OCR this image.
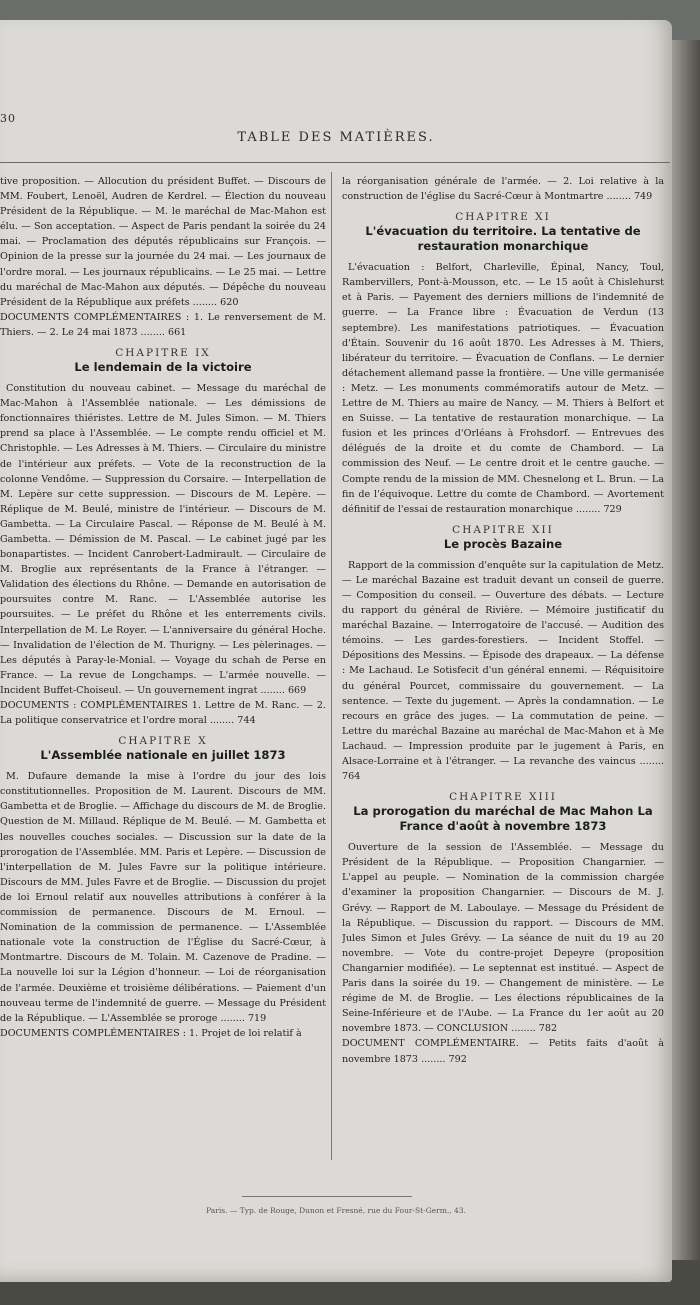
30
TABLE DES MATIÈRES.

tive proposition. — Allocution du président Buffet. — Discours de MM. Foubert, Lenoël, Audren de Kerdrel. — Élection du nouveau Président de la République. — M. le maréchal de Mac-Mahon est élu. — Son acceptation. — Aspect de Paris pendant la soirée du 24 mai. — Proclamation des députés républicains sur François. — Opinion de la presse sur la journée du 24 mai. — Les journaux de l'ordre moral. — Les journaux républicains. — Le 25 mai. — Lettre du maréchal de Mac-Mahon aux députés. — Dépêche du nouveau Président de la République aux préfets ........ 620

DOCUMENTS COMPLÉMENTAIRES : 1. Le renversement de M. Thiers. — 2. Le 24 mai 1873 ........ 661

CHAPITRE IX
Le lendemain de la victoire

Constitution du nouveau cabinet. — Message du maréchal de Mac-Mahon à l'Assemblée nationale. — Les démissions de fonctionnaires thiéristes. Lettre de M. Jules Simon. — M. Thiers prend sa place à l'Assemblée. — Le compte rendu officiel et M. Christophle. — Les Adresses à M. Thiers. — Circulaire du ministre de l'intérieur aux préfets. — Vote de la reconstruction de la colonne Vendôme. — Suppression du Corsaire. — Interpellation de M. Lepère sur cette suppression. — Discours de M. Lepère. — Réplique de M. Beulé, ministre de l'intérieur. — Discours de M. Gambetta. — La Circulaire Pascal. — Réponse de M. Beulé à M. Gambetta. — Démission de M. Pascal. — Le cabinet jugé par les bonapartistes. — Incident Canrobert-Ladmirault. — Circulaire de M. Broglie aux représentants de la France à l'étranger. — Validation des élections du Rhône. — Demande en autorisation de poursuites contre M. Ranc. — L'Assemblée autorise les poursuites. — Le préfet du Rhône et les enterrements civils. Interpellation de M. Le Royer. — L'anniversaire du général Hoche. — Invalidation de l'élection de M. Thurigny. — Les pèlerinages. — Les députés à Paray-le-Monial. — Voyage du schah de Perse en France. — La revue de Longchamps. — L'armée nouvelle. — Incident Buffet-Choiseul. — Un gouvernement ingrat ........ 669

DOCUMENTS : COMPLÉMENTAIRES 1. Lettre de M. Ranc. — 2. La politique conservatrice et l'ordre moral ........ 744

CHAPITRE X
L'Assemblée nationale en juillet 1873

M. Dufaure demande la mise à l'ordre du jour des lois constitutionnelles. Proposition de M. Laurent. Discours de MM. Gambetta et de Broglie. — Affichage du discours de M. de Broglie. Question de M. Millaud. Réplique de M. Beulé. — M. Gambetta et les nouvelles couches sociales. — Discussion sur la date de la prorogation de l'Assemblée. MM. Paris et Lepère. — Discussion de l'interpellation de M. Jules Favre sur la politique intérieure. Discours de MM. Jules Favre et de Broglie. — Discussion du projet de loi Ernoul relatif aux nouvelles attributions à conférer à la commission de permanence. Discours de M. Ernoul. — Nomination de la commission de permanence. — L'Assemblée nationale vote la construction de l'Église du Sacré-Cœur, à Montmartre. Discours de M. Tolain. M. Cazenove de Pradine. — La nouvelle loi sur la Légion d'honneur. — Loi de réorganisation de l'armée. Deuxième et troisième délibérations. — Paiement d'un nouveau terme de l'indemnité de guerre. — Message du Président de la République. — L'Assemblée se proroge ........ 719

DOCUMENTS COMPLÉMENTAIRES : 1. Projet de loi relatif à

la réorganisation générale de l'armée. — 2. Loi relative à la construction de l'église du Sacré-Cœur à Montmartre ........ 749

CHAPITRE XI
L'évacuation du territoire. La tentative de restauration monarchique

L'évacuation : Belfort, Charleville, Épinal, Nancy, Toul, Rambervillers, Pont-à-Mousson, etc. — Le 15 août à Chislehurst et à Paris. — Payement des derniers millions de l'indemnité de guerre. — La France libre : Évacuation de Verdun (13 septembre). Les manifestations patriotiques. — Évacuation d'Étain. Souvenir du 16 août 1870. Les Adresses à M. Thiers, libérateur du territoire. — Évacuation de Conflans. — Le dernier détachement allemand passe la frontière. — Une ville germanisée : Metz. — Les monuments commémoratifs autour de Metz. — Lettre de M. Thiers au maire de Nancy. — M. Thiers à Belfort et en Suisse. — La tentative de restauration monarchique. — La fusion et les princes d'Orléans à Frohsdorf. — Entrevues des délégués de la droite et du comte de Chambord. — La commission des Neuf. — Le centre droit et le centre gauche. — Compte rendu de la mission de MM. Chesnelong et L. Brun. — La fin de l'équivoque. Lettre du comte de Chambord. — Avortement définitif de l'essai de restauration monarchique ........ 729

CHAPITRE XII
Le procès Bazaine

Rapport de la commission d'enquête sur la capitulation de Metz. — Le maréchal Bazaine est traduit devant un conseil de guerre. — Composition du conseil. — Ouverture des débats. — Lecture du rapport du général de Rivière. — Mémoire justificatif du maréchal Bazaine. — Interrogatoire de l'accusé. — Audition des témoins. — Les gardes-forestiers. — Incident Stoffel. — Dépositions des Messins. — Épisode des drapeaux. — La défense : Me Lachaud. Le Sotisfecit d'un général ennemi. — Réquisitoire du général Pourcet, commissaire du gouvernement. — La sentence. — Texte du jugement. — Après la condamnation. — Le recours en grâce des juges. — La commutation de peine. — Lettre du maréchal Bazaine au maréchal de Mac-Mahon et à Me Lachaud. — Impression produite par le jugement à Paris, en Alsace-Lorraine et à l'étranger. — La revanche des vaincus ........ 764

CHAPITRE XIII
La prorogation du maréchal de Mac Mahon La France d'août à novembre 1873

Ouverture de la session de l'Assemblée. — Message du Président de la République. — Proposition Changarnier. — L'appel au peuple. — Nomination de la commission chargée d'examiner la proposition Changarnier. — Discours de M. J. Grévy. — Rapport de M. Laboulaye. — Message du Président de la République. — Discussion du rapport. — Discours de MM. Jules Simon et Jules Grévy. — La séance de nuit du 19 au 20 novembre. — Vote du contre-projet Depeyre (proposition Changarnier modifiée). — Le septennat est institué. — Aspect de Paris dans la soirée du 19. — Changement de ministère. — Le régime de M. de Broglie. — Les élections républicaines de la Seine-Inférieure et de l'Aube. — La France du 1er août au 20 novembre 1873. — CONCLUSION ........ 782

DOCUMENT COMPLÉMENTAIRE. — Petits faits d'août à novembre 1873 ........ 792

Paris. — Typ. de Rouge, Dunon et Fresné, rue du Four-St-Germ., 43.
